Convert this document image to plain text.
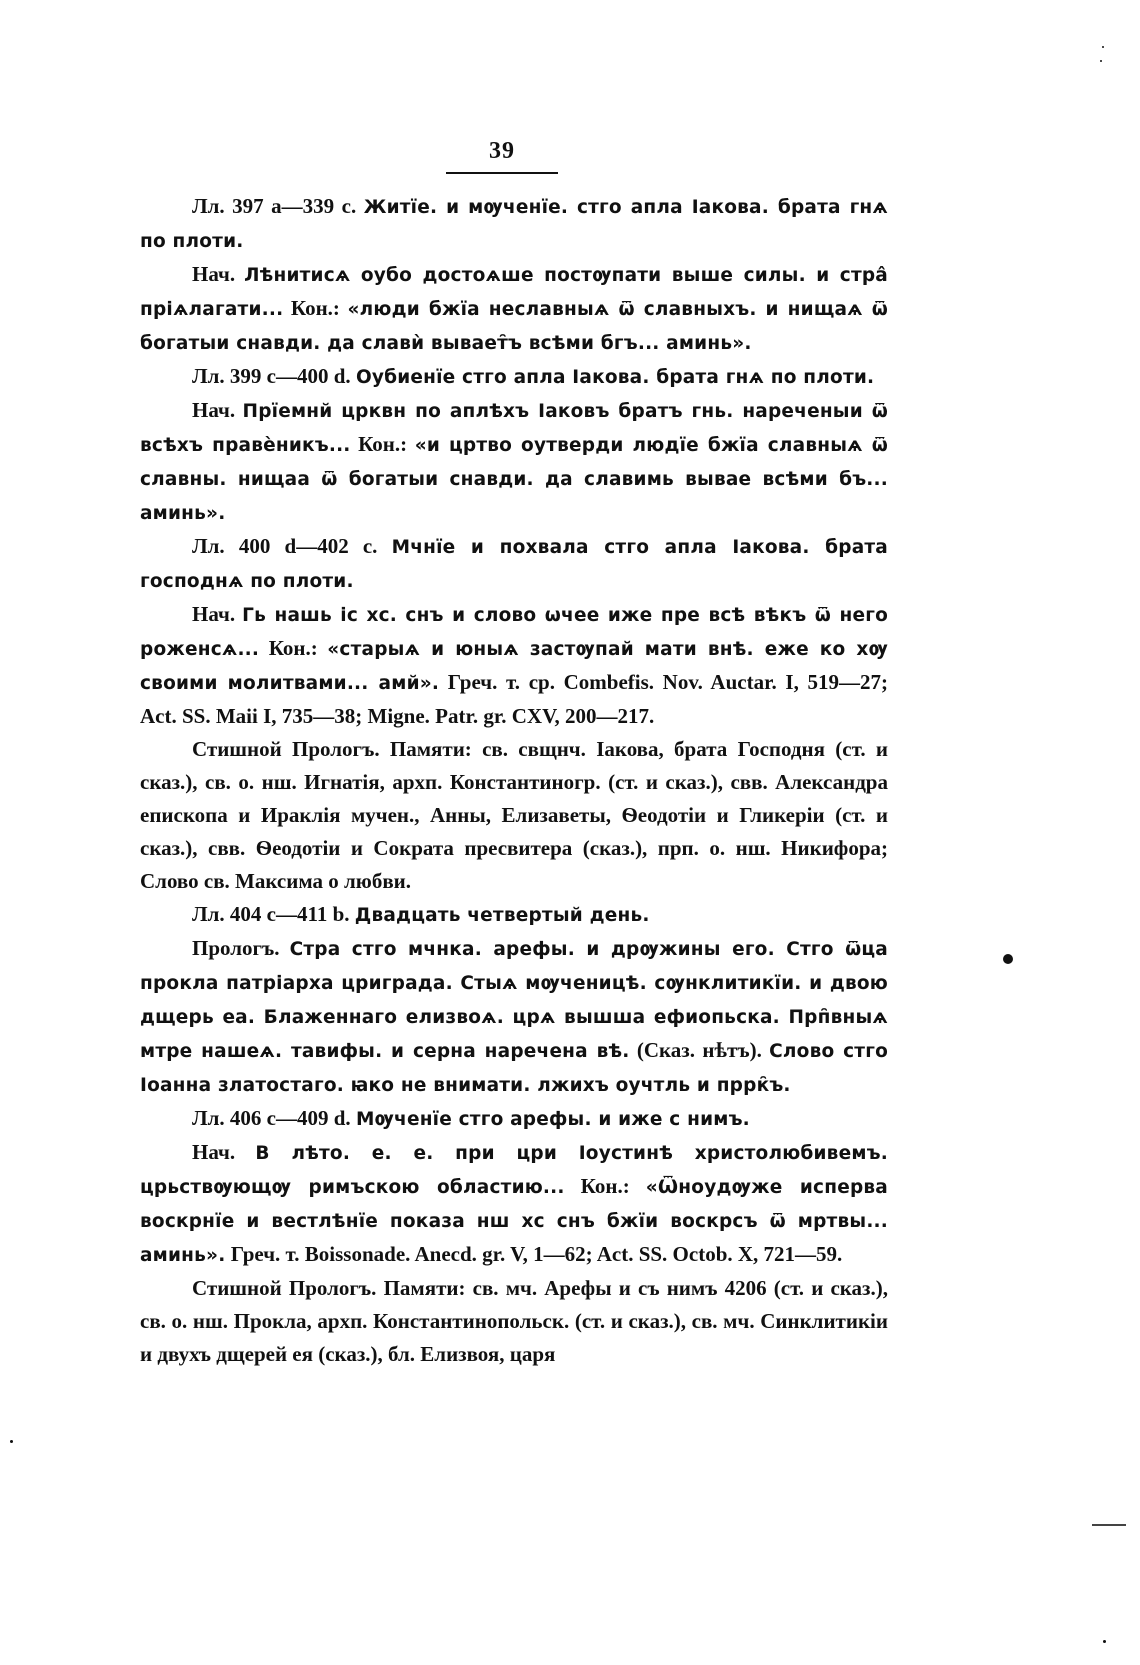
39

Лл. 397 а—339 с. Житїе. и мѹченїе. стго апла Іакова. брата гнѧ по плоти.

Нач. Лѣнитисѧ оубо достоѧше постѹпати выше силы. и стра̂ пріѧлагати... Кон.: «люди бжїа неславныѧ ѿ славныхъ. и нищаѧ ѿ богатыи снавди. да славѝ вывает̑ъ всѣми бгъ... аминь».

Лл. 399 с—400 d. Оубиенїе стго апла Іакова. брата гнѧ по плоти.

Нач. Прїемнй црквн по аплѣхъ Іаковъ братъ гнь. нареченыи ѿ всѣхъ правѐникъ... Кон.: «и цртво оутверди людїе бжїа славныѧ ѿ славны. нищаа ѿ богатыи снавди. да славимь вывае всѣми бъ... аминь».

Лл. 400 d—402 с. Мчнїе и похвала стго апла Іакова. брата господнѧ по плоти.

Нач. Гь нашь іс хс. снъ и слово ѡчее иже пре всѣ вѣкъ ѿ него роженсѧ... Кон.: «старыѧ и юныѧ застѹпай мати внѣ. еже ко хѹ своими молитвами... амй». Греч. т. ср. Combefis. Nov. Auctar. I, 519—27; Act. SS. Maii I, 735—38; Migne. Patr. gr. CXV, 200—217.

Стишной Прологъ. Памяти: св. свщнч. Іакова, брата Господня (ст. и сказ.), св. о. нш. Игнатія, архп. Константиногр. (ст. и сказ.), свв. Александра епископа и Ираклія мучен., Анны, Елизаветы, Ѳеодотіи и Гликеріи (ст. и сказ.), свв. Ѳеодотіи и Сократа пресвитера (сказ.), прп. о. нш. Никифора; Слово св. Максима о любви.

Лл. 404 с—411 b. Двадцать четвертый день.

Прологъ. Стра стго мчнка. арефы. и дрѹжины его. Стго ѿца прокла патріарха цриграда. Стыѧ мѹченицѣ. сѹнклитикїи. и двою дщерь еа. Блаженнаго елизвоѧ. црѧ вышша ефиопьска. Прп̑вныѧ мтре нашеѧ. тавифы. и серна наречена вѣ. (Сказ. нѣтъ). Слово стго Іоанна златостаго. ꙗко не внимати. лжихъ оучтль и пррк̑ъ.

Лл. 406 с—409 d. Мѹченїе стго арефы. и иже с нимъ.

Нач. В лѣто. е. е. при цри Іоустинѣ христолюбивемъ. црьствѹющѹ римъскою областию... Кон.: «Ѿноудѹже исперва воскрнїе и вестлѣнїе показа нш хс снъ бжїи воскрсъ ѿ мртвы... аминь». Греч. т. Boissonade. Anecd. gr. V, 1—62; Act. SS. Octob. X, 721—59.

Стишной Прологъ. Памяти: св. мч. Арефы и съ нимъ 4206 (ст. и сказ.), св. о. нш. Прокла, архп. Константинопольск. (ст. и сказ.), св. мч. Синклитикіи и двухъ дщерей ея (сказ.), бл. Елизвоя, царя
